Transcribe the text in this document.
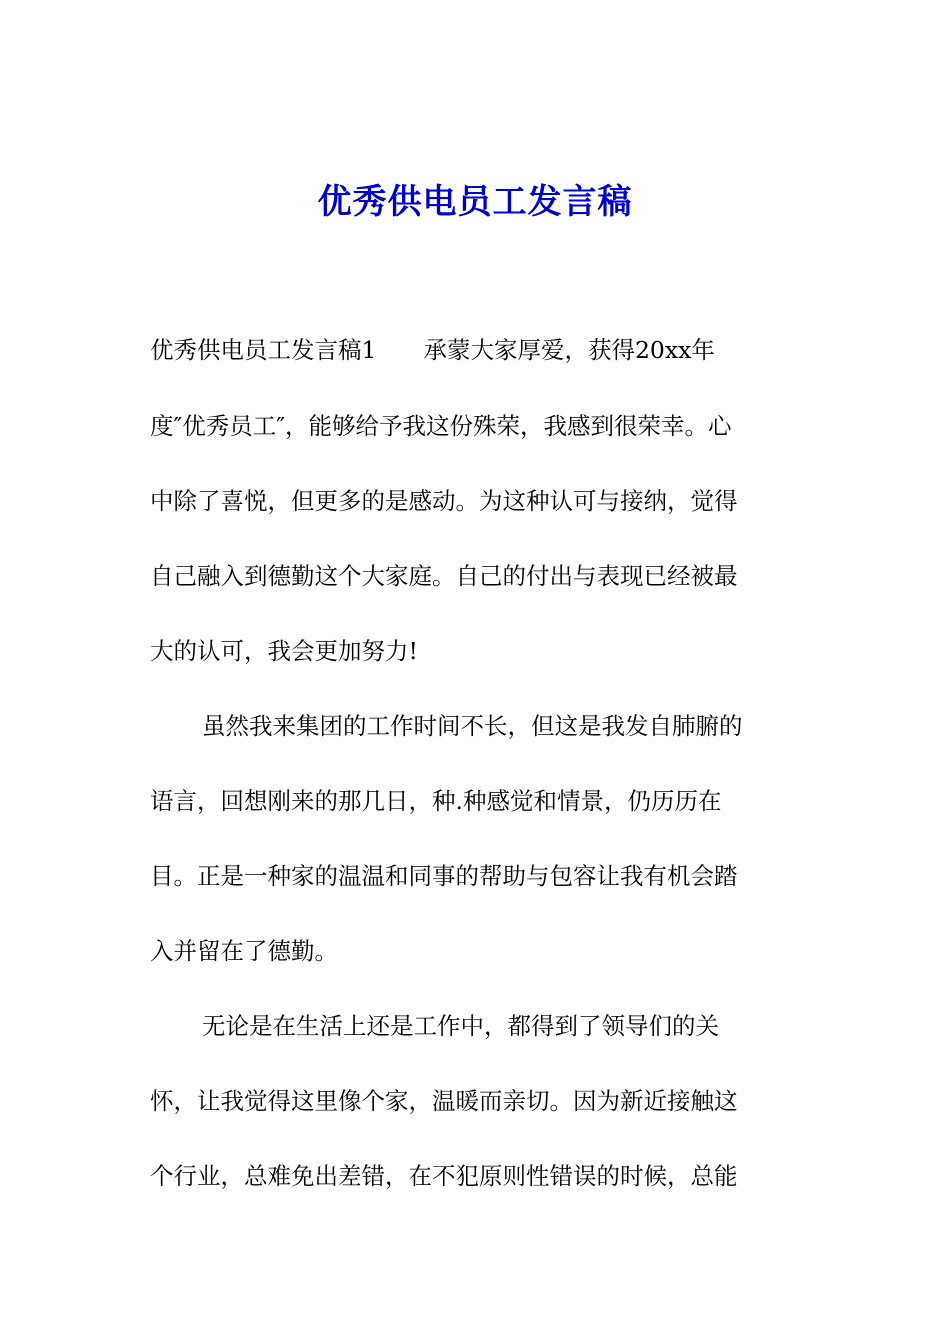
优秀供电员工发言稿
优秀供电员工发言稿1　　承蒙大家厚爱，获得20xx年
度″优秀员工″，能够给予我这份殊荣，我感到很荣幸。心
中除了喜悦，但更多的是感动。为这种认可与接纳，觉得
自己融入到德勤这个大家庭。自己的付出与表现已经被最
大的认可，我会更加努力!
虽然我来集团的工作时间不长，但这是我发自肺腑的
语言，回想刚来的那几日，种.种感觉和情景，仍历历在
目。正是一种家的温温和同事的帮助与包容让我有机会踏
入并留在了德勤。
无论是在生活上还是工作中，都得到了领导们的关
怀，让我觉得这里像个家，温暖而亲切。因为新近接触这
个行业，总难免出差错，在不犯原则性错误的时候，总能
